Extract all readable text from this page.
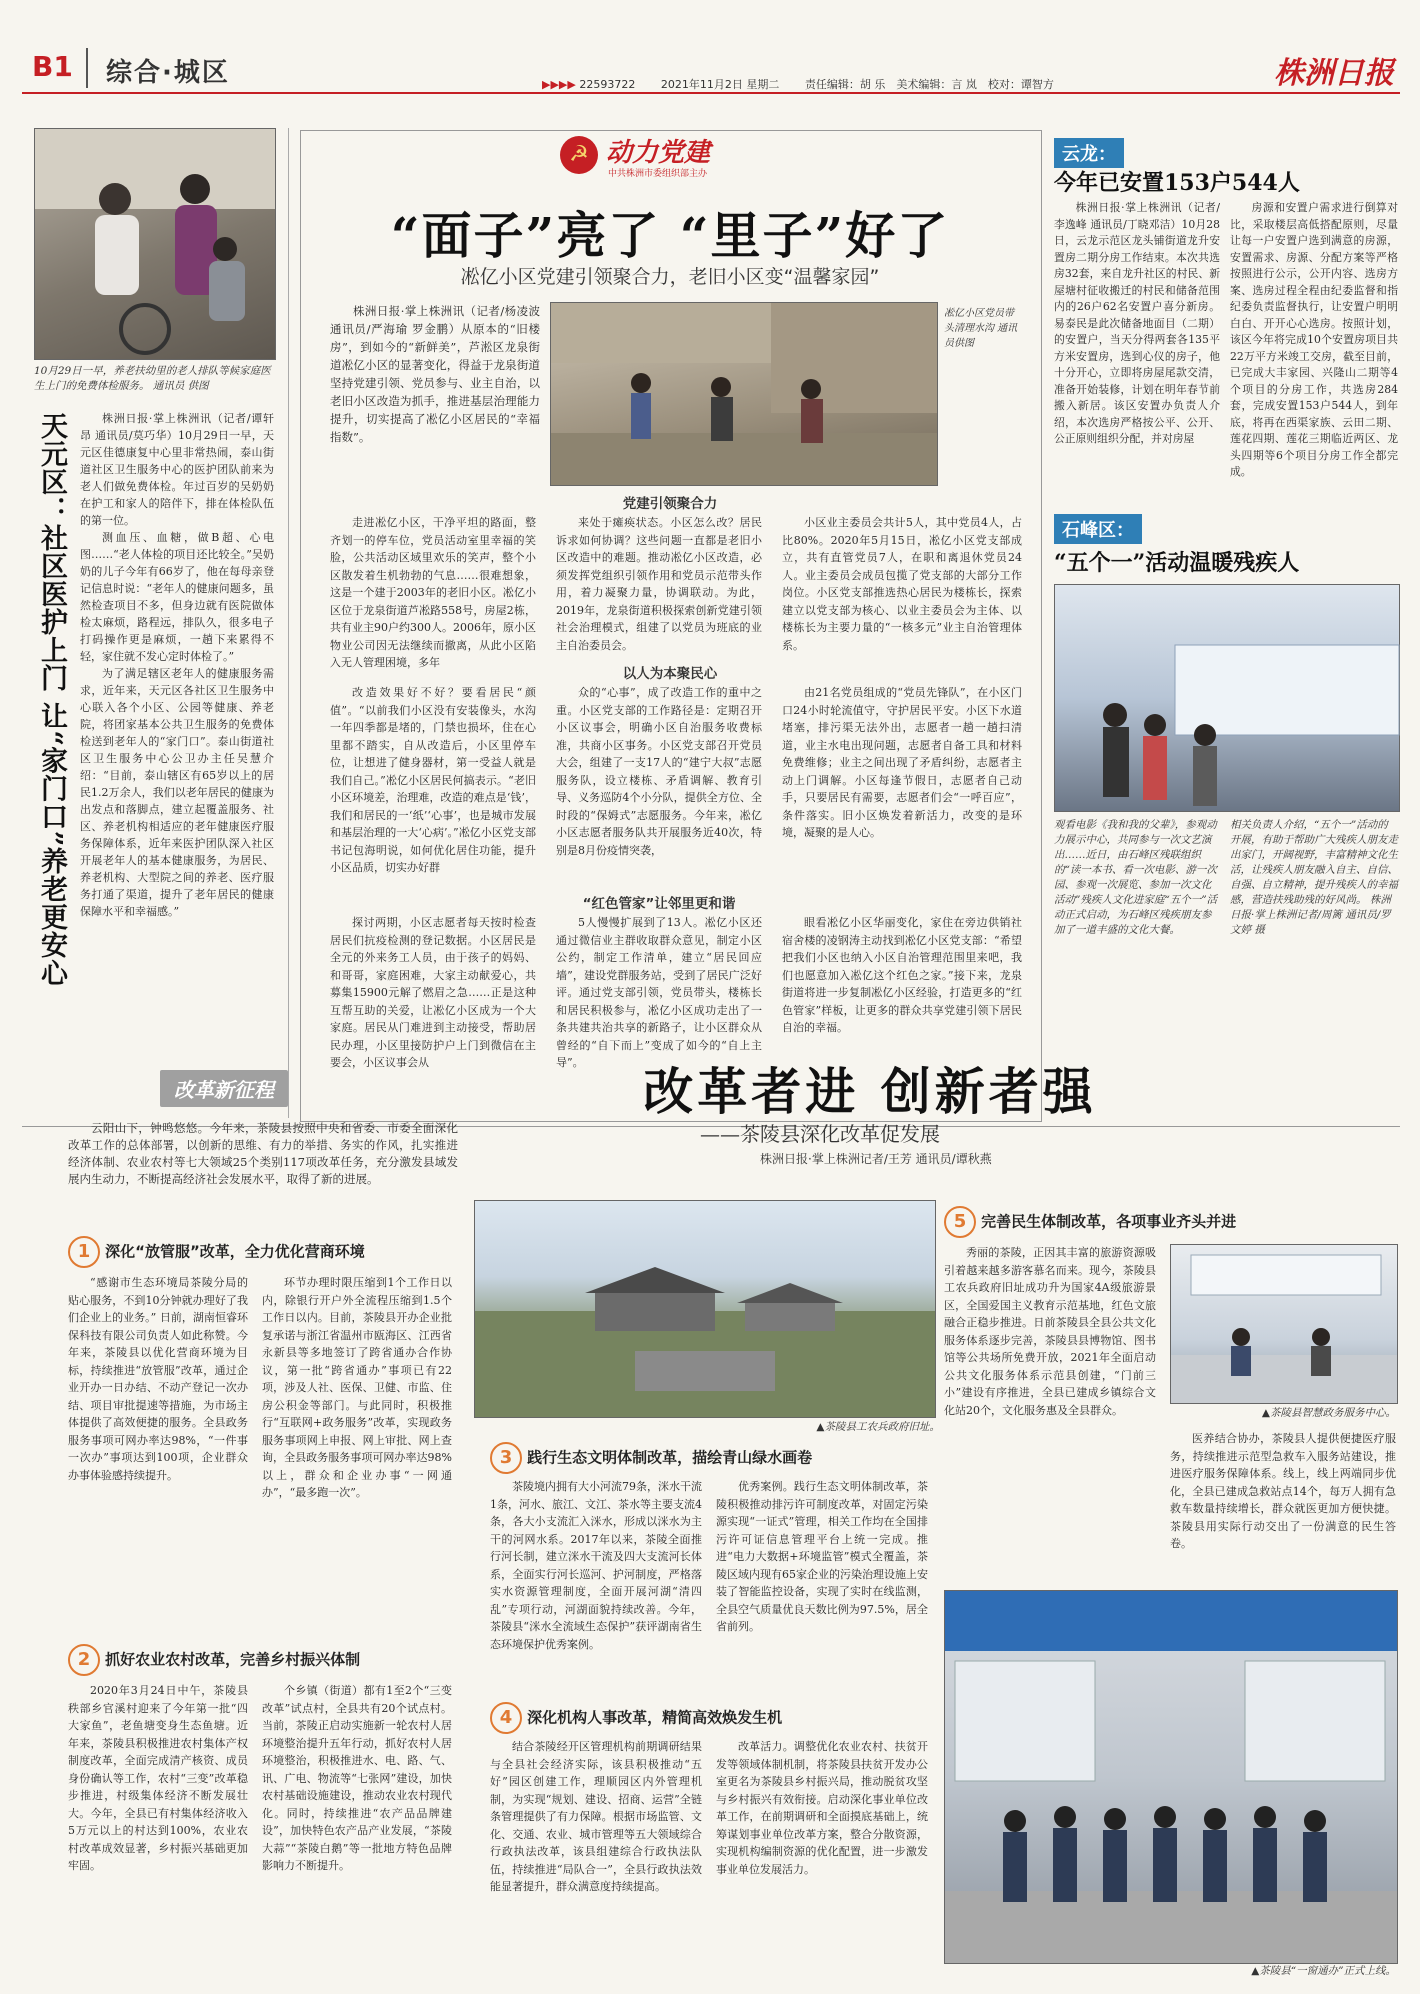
B1 综合·城区	▶▶▶▶ 22593722 2021年11月2日 星期二 责任编辑：胡 乐　美术编辑：言 岚　校对：谭智方	株洲日报
10月29日一早，养老扶幼里的老人排队等候家庭医生上门的免费体检服务。 通讯员 供图
天元区：社区医护上门 让“家门口”养老更安心	株洲日报·掌上株洲讯（记者/谭轩昂 通讯员/莫巧华）10月29日一早，天元区佳德康复中心里非常热闹，泰山街道社区卫生服务中心的医护团队前来为老人们做免费体检。年过百岁的吴奶奶在护工和家人的陪伴下，排在体检队伍的第一位。

测血压、血糖，做B超、心电图……“老人体检的项目还比较全。”吴奶奶的儿子今年有66岁了，他在每母亲登记信息时说：“老年人的健康问题多，虽然检查项目不多，但身边就有医院做体检太麻烦，路程远，排队久，很多电子打码操作更是麻烦，一趟下来累得不轻，家住就不发心定时体检了。”

为了满足辖区老年人的健康服务需求，近年来，天元区各社区卫生服务中心联入各个小区、公园等健康、养老院，将团家基本公共卫生服务的免费体检送到老年人的“家门口”。泰山街道社区卫生服务中心公卫办主任吴慧介绍：“目前，泰山辖区有65岁以上的居民1.2万余人，我们以老年居民的健康为出发点和落脚点，建立起覆盖服务、社区、养老机构相适应的老年健康医疗服务保障体系，近年来医护团队深入社区开展老年人的基本健康服务，为居民、养老机构、大型院之间的养老、医疗服务打通了渠道，提升了老年居民的健康保障水平和幸福感。”

☭ 动力党建
中共株洲市委组织部主办
“面子”亮了 “里子”好了
凇亿小区党建引领聚合力，老旧小区变“温馨家园”
株洲日报·掌上株洲讯（记者/杨凌波 通讯员/严海瑜 罗金鹏）从原本的“旧楼房”，到如今的“新鲜美”，芦淞区龙泉街道凇亿小区的显著变化，得益于龙泉街道坚持党建引领、党员参与、业主自治，以老旧小区改造为抓手，推进基层治理能力提升，切实提高了凇亿小区居民的“幸福指数”。
凇亿小区党员带头清理水沟 通讯员供图
党建引领聚合力
走进凇亿小区，干净平坦的路面，整齐划一的停车位，党员活动室里幸福的笑脸，公共活动区域里欢乐的笑声，整个小区散发着生机勃勃的气息……很难想象，这是一个建于2003年的老旧小区。凇亿小区位于龙泉街道芦凇路558号，房屋2栋，共有业主90户约300人。2006年，原小区物业公司因无法继续而撤离，从此小区陷入无人管理困境，多年
来处于瘫痪状态。小区怎么改？居民诉求如何协调？这些问题一直都是老旧小区改造中的难题。推动凇亿小区改造，必须发挥党组织引领作用和党员示范带头作用，着力凝聚力量，协调联动。为此，2019年，龙泉街道积极探索创新党建引领社会治理模式，组建了以党员为班底的业主自治委员会。
小区业主委员会共计5人，其中党员4人，占比80%。2020年5月15日，凇亿小区党支部成立，共有直管党员7人，在职和离退休党员24人。业主委员会成员包揽了党支部的大部分工作岗位。小区党支部推选热心居民为楼栋长，探索建立以党支部为核心、以业主委员会为主体、以楼栋长为主要力量的“一核多元”业主自治管理体系。
以人为本聚民心
改造效果好不好？要看居民“颜值”。“以前我们小区没有安装像头，水沟一年四季都是堵的，门禁也损坏，住在心里都不踏实，自从改造后，小区里停车位，让想进了健身器材，第一受益人就是我们自己。”凇亿小区居民何搞表示。“老旧小区环境差，治理难，改造的难点是‘钱’，我们和居民的一‘纸’‘心事’，也是城市发展和基层治理的一大‘心病’。”凇亿小区党支部书记包海明说，如何优化居住功能，提升小区品质，切实办好群
众的“心事”，成了改造工作的重中之重。小区党支部的工作路径是：定期召开小区议事会，明确小区自治服务收费标准，共商小区事务。小区党支部召开党员大会，组建了一支17人的“建宁大叔”志愿服务队，设立楼栋、矛盾调解、教育引导、义务巡防4个小分队，提供全方位、全时段的“保姆式”志愿服务。今年来，凇亿小区志愿者服务队共开展服务近40次，特别是8月份疫情突袭，
由21名党员组成的“党员先锋队”，在小区门口24小时轮流值守，守护居民平安。小区下水道堵塞，排污渠无法外出，志愿者一趟一趟扫清道，业主水电出现问题，志愿者自备工具和材料免费维修；业主之间出现了矛盾纠纷，志愿者主动上门调解。小区每逢节假日，志愿者自己动手，只要居民有需要，志愿者们会“一呼百应”，条件落实。旧小区焕发着新活力，改变的是环境，凝聚的是人心。
“红色管家”让邻里更和谐
探讨两期，小区志愿者每天按时检查居民们抗疫检测的登记数据。小区居民是全元的外来务工人员，由于孩子的妈妈、和哥哥，家庭困难，大家主动献爱心，共募集15900元解了燃眉之急……正是这种互帮互助的关爱，让凇亿小区成为一个大家庭。居民从门难进到主动接受，帮助居民办理，小区里接防护户上门到微信在主要会，小区议事会从
5人慢慢扩展到了13人。凇亿小区还通过微信业主群收取群众意见，制定小区公约，制定工作清单，建立“居民回应墙”，建设党群服务站，受到了居民广泛好评。通过党支部引领，党员带头，楼栋长和居民积极参与，凇亿小区成功走出了一条共建共治共享的新路子，让小区群众从曾经的“自下而上”变成了如今的“自上主导”。
眼看凇亿小区华丽变化，家住在旁边供销社宿舍楼的凌钢涛主动找到凇亿小区党支部：“希望把我们小区也纳入小区自治管理范围里来吧，我们也愿意加入凇亿这个红色之家。”接下来，龙泉街道将进一步复制凇亿小区经验，打造更多的“红色管家”样板，让更多的群众共享党建引领下居民自治的幸福。
云龙：
今年已安置153户544人
株洲日报·掌上株洲讯（记者/李逸峰 通讯员/丁晓邓洁）10月28日，云龙示范区龙头铺街道龙升安置房二期分房工作结束。本次共选房32套，来自龙升社区的村民、新屋塘村征收搬迁的村民和储备范围内的26户62名安置户喜分新房。易泰民是此次储备地面目（二期）的安置户，当天分得两套各135平方米安置房，选到心仪的房子，他十分开心，立即将房屋尾款交清，准备开始装修，计划在明年春节前搬入新居。该区安置办负责人介绍，本次选房严格按公平、公开、公正原则组织分配，并对房屋
房源和安置户需求进行倒算对比，采取楼层高低搭配原则，尽量让每一户安置户选到满意的房源，安置需求、房源、分配方案等严格按照进行公示，公开内容、选房方案、选房过程全程由纪委监督和指纪委负责监督执行，让安置户明明白白、开开心心选房。按照计划，该区今年将完成10个安置房项目共22万平方米竣工交房，截至目前，已完成大丰家园、兴隆山二期等4个项目的分房工作，共选房284套，完成安置153户544人，到年底，将再在西渠家族、云田二期、莲花四期、莲花三期临近两区、龙头四期等6个项目分房工作全都完成。
石峰区：
“五个一”活动温暖残疾人
观看电影《我和我的父辈》，参观动力展示中心，共同参与一次文艺演出……近日，由石峰区残联组织的“读一本书、看一次电影、游一次园、参观一次展览、参加一次文化活动”残疾人文化进家庭“五个一”活动正式启动，为石峰区残疾朋友参加了一道丰盛的文化大餐。
相关负责人介绍，“五个一”活动的开展，有助于帮助广大残疾人朋友走出家门，开阔视野，丰富精神文化生活，让残疾人朋友融入自主、自信、自强、自立精神，提升残疾人的幸福感，营造扶残助残的好风尚。 株洲日报·掌上株洲记者/周篱 通讯员/罗文婷 摄
改革新征程	改革者进 创新者强
——茶陵县深化改革促发展
株洲日报·掌上株洲记者/王芳 通讯员/谭秋燕
云阳山下，钟鸣悠悠。今年来，茶陵县按照中央和省委、市委全面深化改革工作的总体部署，以创新的思维、有力的举措、务实的作风，扎实推进经济体制、农业农村等七大领域25个类别117项改革任务，充分激发县域发展内生动力，不断提高经济社会发展水平，取得了新的进展。
1 深化“放管服”改革，全力优化营商环境
“感谢市生态环境局茶陵分局的贴心服务，不到10分钟就办理好了我们企业上的业务。” 日前，湖南恒睿环保科技有限公司负责人如此称赞。今年来，茶陵县以优化营商环境为目标，持续推进“放管服”改革，通过企业开办一日办结、不动产登记一次办结、项目审批提速等措施，为市场主体提供了高效便捷的服务。全县政务服务事项可网办率达98%，“一件事一次办”事项达到100项，企业群众办事体验感持续提升。
环节办理时限压缩到1个工作日以内，除银行开户外全流程压缩到1.5个工作日以内。目前，茶陵县开办企业批复承诺与浙江省温州市瓯海区、江西省永新县等多地签订了跨省通办合作协议，第一批“跨省通办”事项已有22项，涉及人社、医保、卫健、市监、住房公积金等部门。与此同时，积极推行“互联网+政务服务”改革，实现政务服务事项网上申报、网上审批、网上查询，全县政务服务事项可网办率达98%以上，群众和企业办事“一网通办”，“最多跑一次”。
2 抓好农业农村改革，完善乡村振兴体制
2020年3月24日中午，茶陵县秩部乡官溪村迎来了今年第一批“四大家鱼”，老鱼塘变身生态鱼塘。近年来，茶陵县积极推进农村集体产权制度改革，全面完成清产核资、成员身份确认等工作，农村“三变”改革稳步推进，村级集体经济不断发展壮大。今年，全县已有村集体经济收入5万元以上的村达到100%，农业农村改革成效显著，乡村振兴基础更加牢固。
个乡镇（街道）都有1至2个“三变改革”试点村，全县共有20个试点村。当前，茶陵正启动实施新一轮农村人居环境整治提升五年行动，抓好农村人居环境整治，积极推进水、电、路、气、讯、广电、物流等“七张网”建设，加快农村基础设施建设，推动农业农村现代化。同时，持续推进“农产品品牌建设”，加快特色农产品产业发展，“茶陵大蒜”“茶陵白鹅”等一批地方特色品牌影响力不断提升。
▲茶陵县工农兵政府旧址。
3 践行生态文明体制改革，描绘青山绿水画卷
茶陵境内拥有大小河流79条，洣水干流1条，河水、旅江、文江、茶水等主要支流4条，各大小支流汇入洣水，形成以洣水为主干的河网水系。2017年以来，茶陵全面推行河长制，建立洣水干流及四大支流河长体系，全面实行河长巡河、护河制度，严格落实水资源管理制度，全面开展河湖“清四乱”专项行动，河湖面貌持续改善。今年，茶陵县“洣水全流域生态保护”获评湖南省生态环境保护优秀案例。
优秀案例。践行生态文明体制改革，茶陵积极推动排污许可制度改革，对固定污染源实现“一证式”管理，相关工作均在全国排污许可证信息管理平台上统一完成。推进“电力大数据+环境监管”模式全覆盖，茶陵区域内现有65家企业的污染治理设施上安装了智能监控设备，实现了实时在线监测，全县空气质量优良天数比例为97.5%，居全省前列。
4 深化机构人事改革，精简高效焕发生机
结合茶陵经开区管理机构前期调研结果与全县社会经济实际，该县积极推动“五好”园区创建工作，理顺园区内外管理机制，为实现“规划、建设、招商、运营”全链条管理提供了有力保障。根据市场监管、文化、交通、农业、城市管理等五大领域综合行政执法改革，该县组建综合行政执法队伍，持续推进“局队合一”，全县行政执法效能显著提升，群众满意度持续提高。
改革活力。调整优化农业农村、扶贫开发等领域体制机制，将茶陵县扶贫开发办公室更名为茶陵县乡村振兴局，推动脱贫攻坚与乡村振兴有效衔接。启动深化事业单位改革工作，在前期调研和全面摸底基础上，统筹谋划事业单位改革方案，整合分散资源，实现机构编制资源的优化配置，进一步激发事业单位发展活力。
5 完善民生体制改革，各项事业齐头并进
秀丽的茶陵，正因其丰富的旅游资源吸引着越来越多游客慕名而来。现今，茶陵县工农兵政府旧址成功升为国家4A级旅游景区，全国爱国主义教育示范基地，红色文旅融合正稳步推进。日前茶陵县全县公共文化服务体系逐步完善，茶陵县县博物馆、图书馆等公共场所免费开放，2021年全面启动公共文化服务体系示范县创建，“门前三小”建设有序推进，全县已建成乡镇综合文化站20个，文化服务惠及全县群众。	▲茶陵县智慧政务服务中心。
医养结合协办，茶陵县人提供便捷医疗服务，持续推进示范型急救车入服务站建设，推进医疗服务保障体系。线上，线上两端同步优化，全县已建成急救站点14个，每万人拥有急救车数量持续增长，群众就医更加方便快捷。茶陵县用实际行动交出了一份满意的民生答卷。
▲茶陵县“一窗通办”正式上线。
